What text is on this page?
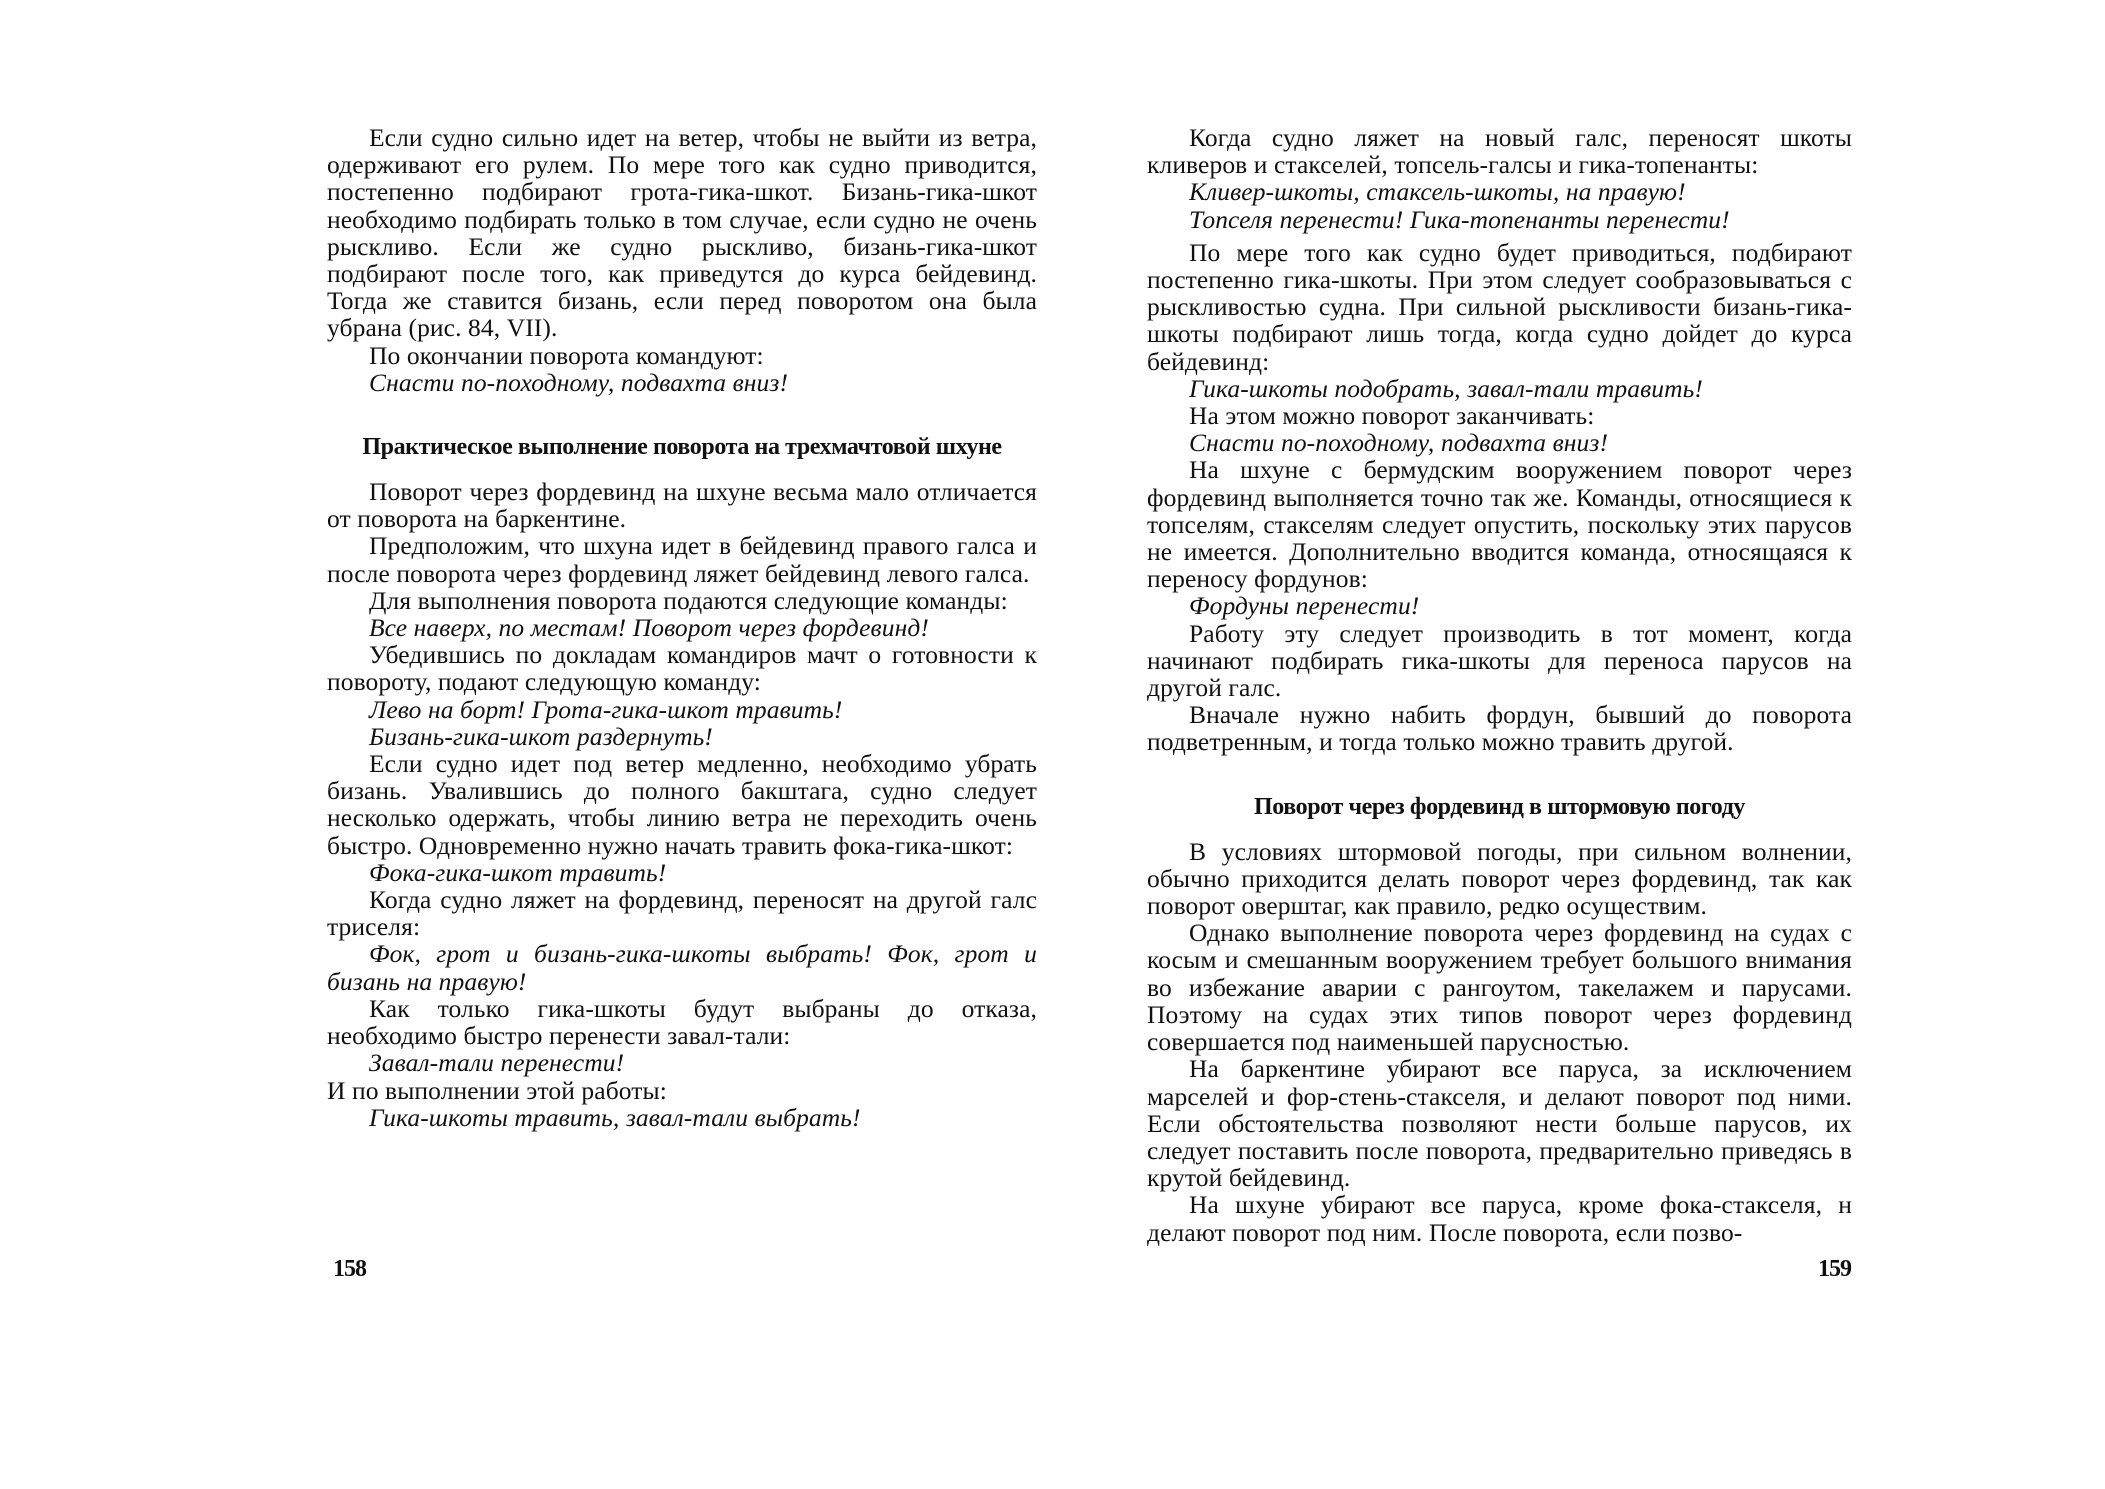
Если судно сильно идет на ветер, чтобы не выйти из ветра, одерживают его рулем. По мере того как судно приводится, постепенно подбирают грота-гика-шкот. Бизань-гика-шкот необходимо подбирать только в том случае, если судно не очень рыскливо. Если же судно рыскливо, бизань-гика-шкот подбирают после того, как приведутся до курса бейдевинд. Тогда же ставится бизань, если перед поворотом она была убрана (рис. 84, VII).

По окончании поворота командуют:

Снасти по-походному, подвахта вниз!

Практическое выполнение поворота на трехмачтовой шхуне

Поворот через фордевинд на шхуне весьма мало отличается от поворота на баркентине.

Предположим, что шхуна идет в бейдевинд правого галса и после поворота через фордевинд ляжет бейдевинд левого галса.

Для выполнения поворота подаются следующие команды:

Все наверх, по местам! Поворот через фордевинд!

Убедившись по докладам командиров мачт о готовности к повороту, подают следующую команду:

Лево на борт! Грота-гика-шкот травить!

Бизань-гика-шкот раздернуть!

Если судно идет под ветер медленно, необходимо убрать бизань. Увалившись до полного бакштага, судно следует несколько одержать, чтобы линию ветра не переходить очень быстро. Одновременно нужно начать травить фока-гика-шкот:

Фока-гика-шкот травить!

Когда судно ляжет на фордевинд, переносят на другой галс триселя:

Фок, грот и бизань-гика-шкоты выбрать! Фок, грот и бизань на правую!

Как только гика-шкоты будут выбраны до отказа, необходимо быстро перенести завал-тали:

Завал-тали перенести!

И по выполнении этой работы:

Гика-шкоты травить, завал-тали выбрать!

158

Когда судно ляжет на новый галс, переносят шкоты кливеров и стакселей, топсель-галсы и гика-топенанты:

Кливер-шкоты, стаксель-шкоты, на правую!

Топселя перенести! Гика-топенанты перенести!

По мере того как судно будет приводиться, подбирают постепенно гика-шкоты. При этом следует сообразовываться с рыскливостью судна. При сильной рыскливости бизань-гика-шкоты подбирают лишь тогда, когда судно дойдет до курса бейдевинд:

Гика-шкоты подобрать, завал-тали травить!

На этом можно поворот заканчивать:

Снасти по-походному, подвахта вниз!

На шхуне с бермудским вооружением поворот через фордевинд выполняется точно так же. Команды, относящиеся к топселям, стакселям следует опустить, поскольку этих парусов не имеется. Дополнительно вводится команда, относящаяся к переносу фордунов:

Фордуны перенести!

Работу эту следует производить в тот момент, когда начинают подбирать гика-шкоты для переноса парусов на другой галс.

Вначале нужно набить фордун, бывший до поворота подветренным, и тогда только можно травить другой.

Поворот через фордевинд в штормовую погоду

В условиях штормовой погоды, при сильном волнении, обычно приходится делать поворот через фордевинд, так как поворот оверштаг, как правило, редко осуществим.

Однако выполнение поворота через фордевинд на судах с косым и смешанным вооружением требует большого внимания во избежание аварии с рангоутом, такелажем и парусами. Поэтому на судах этих типов поворот через фордевинд совершается под наименьшей парусностью.

На баркентине убирают все паруса, за исключением марселей и фор-стень-стакселя, и делают поворот под ними. Если обстоятельства позволяют нести больше парусов, их следует поставить после поворота, предварительно приведясь в крутой бейдевинд.

На шхуне убирают все паруса, кроме фока-стакселя, н делают поворот под ним. После поворота, если позво-

159
